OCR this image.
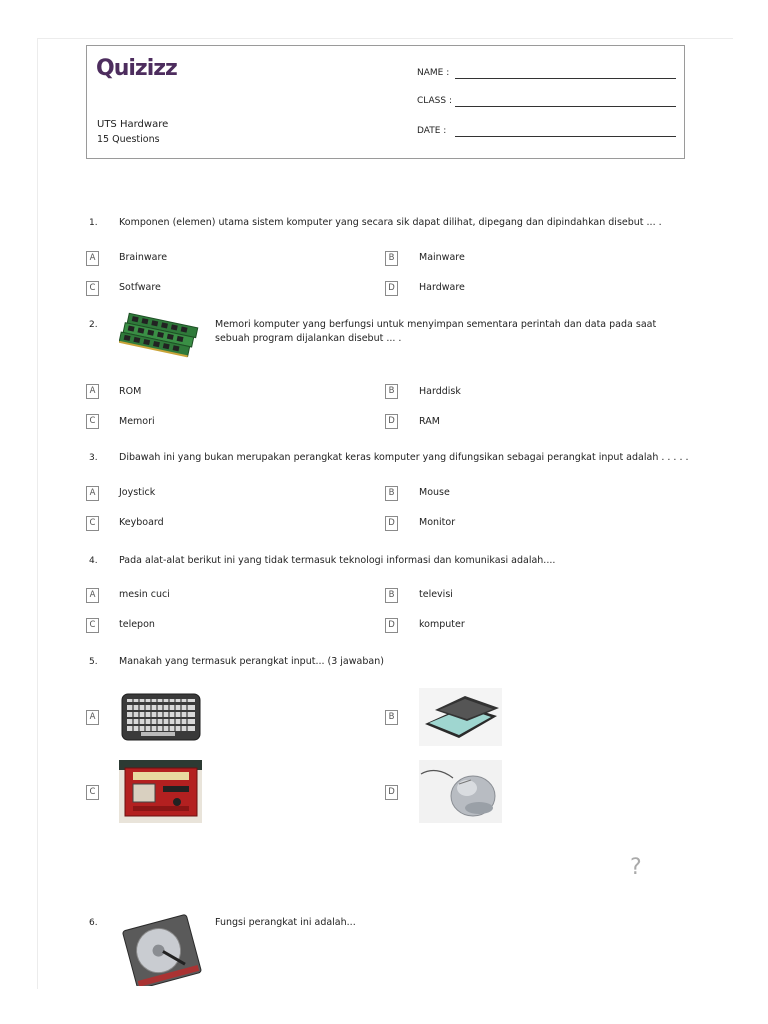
Quizizz
UTS Hardware
15 Questions
NAME :
CLASS :
DATE :
1. Komponen (elemen) utama sistem komputer yang secara sik dapat dilihat, dipegang dan dipindahkan disebut ... .
A	Brainware	B	Mainware
C	Sotfware	D	Hardware
2.	Memori komputer yang berfungsi untuk menyimpan sementara perintah dan data pada saat
sebuah program dijalankan disebut ... .
A	ROM	B	Harddisk
C	Memori	D	RAM
3. Dibawah ini yang bukan merupakan perangkat keras komputer yang difungsikan sebagai perangkat input adalah . . . . .
A	Joystick	B	Mouse
C	Keyboard	D	Monitor
4. Pada alat-alat berikut ini yang tidak termasuk teknologi informasi dan komunikasi adalah....
A	mesin cuci	B	televisi
C	telepon	D	komputer
5. Manakah yang termasuk perangkat input... (3 jawaban)
A	B
C	D
?
6.	Fungsi perangkat ini adalah...
